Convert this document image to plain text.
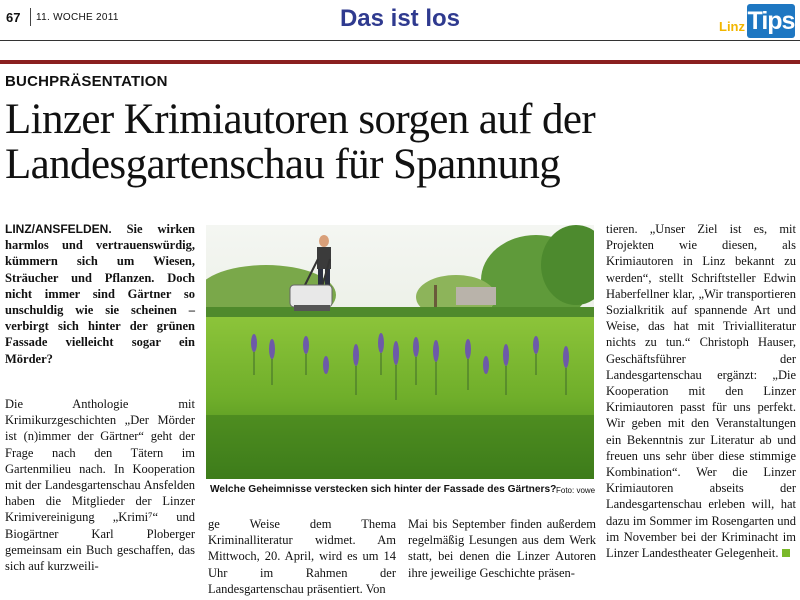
67 11. WOCHE 2011	Das ist los	Linz Tips
BUCHPRÄSENTATION
Linzer Krimiautoren sorgen auf der
Landesgartenschau für Spannung

LINZ/ANSFELDEN. Sie wirken harmlos und vertrauenswürdig, kümmern sich um Wiesen, Sträucher und Pflanzen. Doch nicht immer sind Gärtner so unschuldig wie sie scheinen – verbirgt sich hinter der grünen Fassade vielleicht sogar ein Mörder?

Die Anthologie mit Krimikurzgeschichten „Der Mörder ist (n)immer der Gärtner“ geht der Frage nach den Tätern im Gartenmilieu nach. In Kooperation mit der Landesgartenschau Ansfelden haben die Mitglieder der Linzer Krimivereinigung „Krimi⁷“ und Biogärtner Karl Ploberger gemeinsam ein Buch geschaffen, das sich auf kurzweili-

Welche Geheimnisse verstecken sich hinter der Fassade des Gärtners? Foto: vowe

ge Weise dem Thema Kriminalliteratur widmet. Am Mittwoch, 20. April, wird es um 14 Uhr im Rahmen der Landesgartenschau präsentiert. Von

Mai bis September finden außerdem regelmäßig Lesungen aus dem Werk statt, bei denen die Linzer Autoren ihre jeweilige Geschichte präsen-

tieren. „Unser Ziel ist es, mit Projekten wie diesen, als Krimiautoren in Linz bekannt zu werden“, stellt Schriftsteller Edwin Haberfellner klar, „Wir transportieren Sozialkritik auf spannende Art und Weise, das hat mit Trivialliteratur nichts zu tun.“ Christoph Hauser, Geschäftsführer der Landesgartenschau ergänzt: „Die Kooperation mit den Linzer Krimiautoren passt für uns perfekt. Wir geben mit den Veranstaltungen ein Bekenntnis zur Literatur ab und freuen uns sehr über diese stimmige Kombination“. Wer die Linzer Krimiautoren abseits der Landesgartenschau erleben will, hat dazu im Sommer im Rosengarten und im November bei der Kriminacht im Linzer Landestheater Gelegenheit.
